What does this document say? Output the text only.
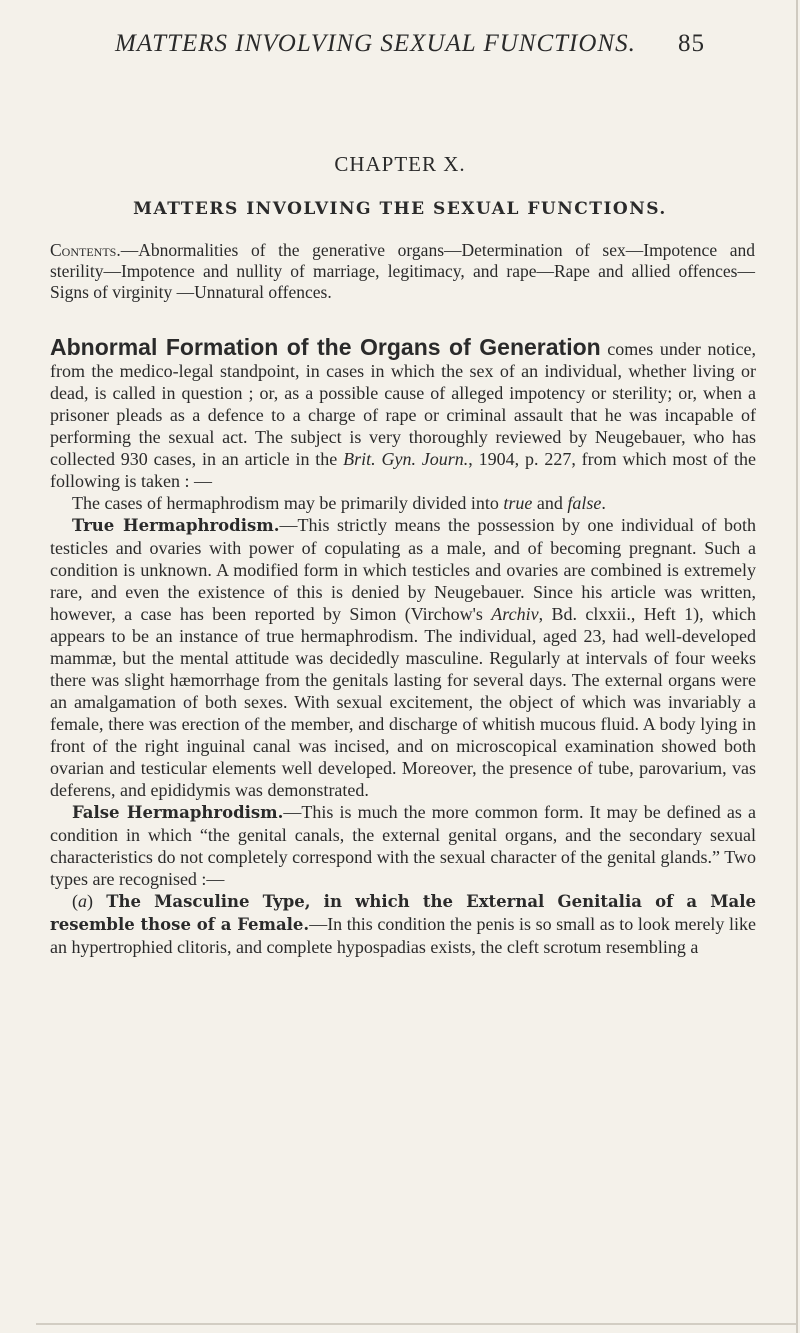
MATTERS INVOLVING SEXUAL FUNCTIONS. 85
CHAPTER X.
MATTERS INVOLVING THE SEXUAL FUNCTIONS.
Contents.—Abnormalities of the generative organs—Determination of sex—Impotence and sterility—Impotence and nullity of marriage, legitimacy, and rape—Rape and allied offences—Signs of virginity —Unnatural offences.

Abnormal Formation of the Organs of Generation comes under notice, from the medico-legal standpoint, in cases in which the sex of an individual, whether living or dead, is called in question ; or, as a possible cause of alleged impotency or sterility; or, when a prisoner pleads as a defence to a charge of rape or criminal assault that he was incapable of performing the sexual act. The subject is very thoroughly reviewed by Neugebauer, who has collected 930 cases, in an article in the Brit. Gyn. Journ., 1904, p. 227, from which most of the following is taken : —

The cases of hermaphrodism may be primarily divided into true and false.

True Hermaphrodism.—This strictly means the possession by one individual of both testicles and ovaries with power of copulating as a male, and of becoming pregnant. Such a condition is unknown. A modified form in which testicles and ovaries are combined is extremely rare, and even the existence of this is denied by Neugebauer. Since his article was written, however, a case has been reported by Simon (Virchow's Archiv, Bd. clxxii., Heft 1), which appears to be an instance of true hermaphrodism. The individual, aged 23, had well-developed mammæ, but the mental attitude was decidedly masculine. Regularly at intervals of four weeks there was slight hæmorrhage from the genitals lasting for several days. The external organs were an amalgamation of both sexes. With sexual excitement, the object of which was invariably a female, there was erection of the member, and discharge of whitish mucous fluid. A body lying in front of the right inguinal canal was incised, and on microscopical examination showed both ovarian and testicular elements well developed. Moreover, the presence of tube, parovarium, vas deferens, and epididymis was demonstrated.

False Hermaphrodism.—This is much the more common form. It may be defined as a condition in which “the genital canals, the external genital organs, and the secondary sexual characteristics do not completely correspond with the sexual character of the genital glands.” Two types are recognised :—

(a) The Masculine Type, in which the External Genitalia of a Male resemble those of a Female.—In this condition the penis is so small as to look merely like an hypertrophied clitoris, and complete hypospadias exists, the cleft scrotum resembling a
